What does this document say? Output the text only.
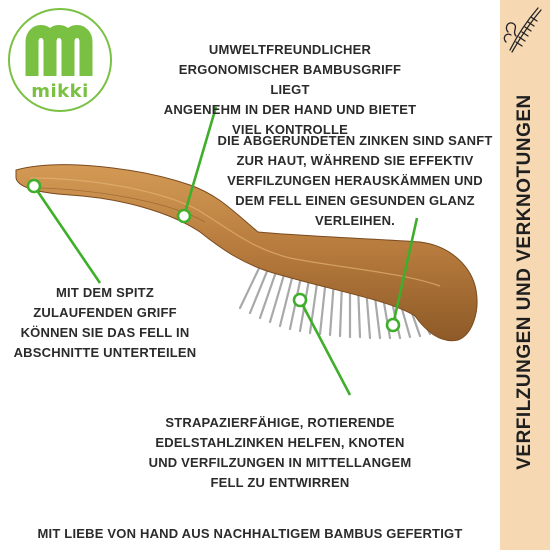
mikki
UMWELTFREUNDLICHER
ERGONOMISCHER BAMBUSGRIFF LIEGT
ANGENEHM IN DER HAND UND BIETET
VIEL KONTROLLE
DIE ABGERUNDETEN ZINKEN SIND SANFT
ZUR HAUT, WÄHREND SIE EFFEKTIV
VERFILZUNGEN HERAUSKÄMMEN UND
DEM FELL EINEN GESUNDEN GLANZ
VERLEIHEN.
MIT DEM SPITZ
ZULAUFENDEN GRIFF
KÖNNEN SIE DAS FELL IN
ABSCHNITTE UNTERTEILEN
STRAPAZIERFÄHIGE, ROTIERENDE
EDELSTAHLZINKEN HELFEN, KNOTEN
UND VERFILZUNGEN IN MITTELLANGEM
FELL ZU ENTWIRREN
MIT LIEBE VON HAND AUS NACHHALTIGEM BAMBUS GEFERTIGT
VERFILZUNGEN UND VERKNOTUNGEN
